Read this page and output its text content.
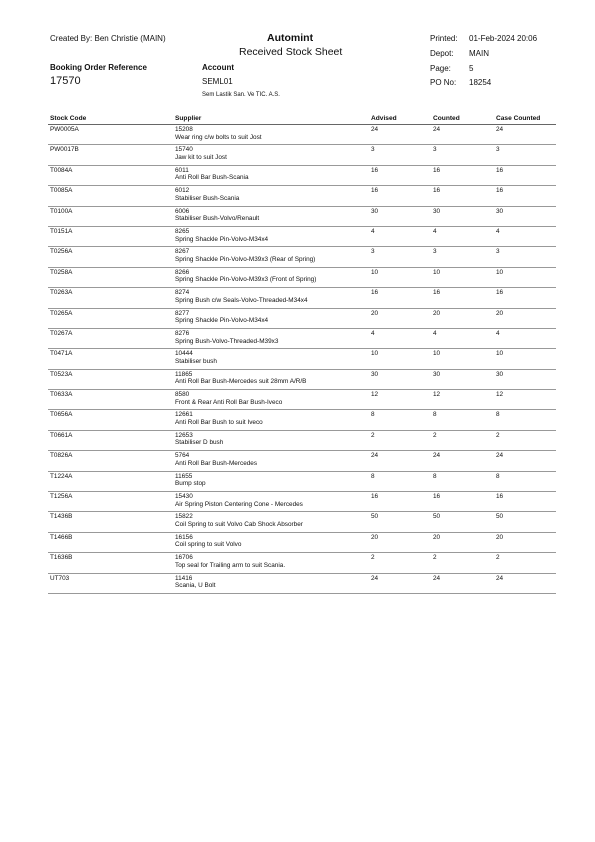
Created By: Ben Christie (MAIN)
Booking Order Reference
17570
Automint
Received Stock Sheet
Account
SEML01
Sem Lastik San. Ve TIC. A.S.
Printed: 01-Feb-2024 20:06
Depot: MAIN
Page: 5
PO No: 18254
Stock Code	Supplier	Advised	Counted	Case Counted

PW0005A	15208
Wear ring c/w bolts to suit Jost	24	24	24

PW0017B	15740
Jaw kit to suit Jost	3	3	3

T0084A	6011
Anti Roll Bar Bush-Scania	16	16	16

T0085A	6012
Stabiliser Bush-Scania	16	16	16

T0100A	6006
Stabiliser Bush-Volvo/Renault	30	30	30

T0151A	8265
Spring Shackle Pin-Volvo-M34x4	4	4	4

T0256A	8267
Spring Shackle Pin-Volvo-M39x3 (Rear of Spring)	3	3	3

T0258A	8266
Spring Shackle Pin-Volvo-M39x3 (Front of Spring)	10	10	10

T0263A	8274
Spring Bush c/w Seals-Volvo-Threaded-M34x4	16	16	16

T0265A	8277
Spring Shackle Pin-Volvo-M34x4	20	20	20

T0267A	8276
Spring Bush-Volvo-Threaded-M39x3	4	4	4

T0471A	10444
Stabiliser bush	10	10	10

T0523A	11865
Anti Roll Bar Bush-Mercedes suit 28mm A/R/B	30	30	30

T0633A	8580
Front & Rear Anti Roll Bar Bush-Iveco	12	12	12

T0656A	12661
Anti Roll Bar Bush to suit Iveco	8	8	8

T0661A	12653
Stabiliser D bush	2	2	2

T0826A	5764
Anti Roll Bar Bush-Mercedes	24	24	24

T1224A	11655
Bump stop	8	8	8

T1256A	15430
Air Spring Piston Centering Cone - Mercedes	16	16	16

T1436B	15822
Coil Spring to suit Volvo Cab Shock Absorber	50	50	50

T1466B	16156
Coil spring to suit Volvo	20	20	20

T1636B	16706
Top seal for Trailing arm to suit Scania.	2	2	2

UT703	11416
Scania, U Bolt	24	24	24
